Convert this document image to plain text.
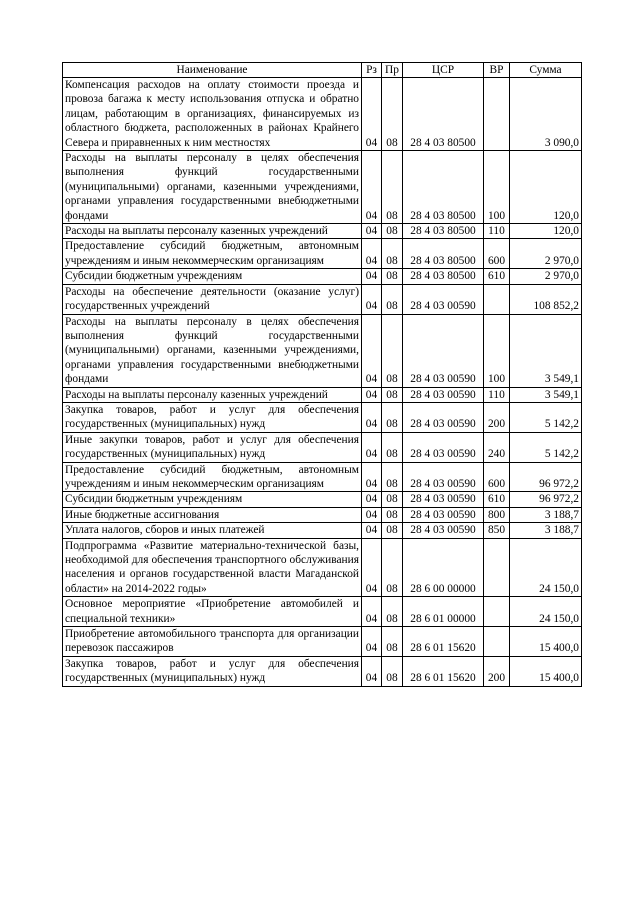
Наименование	Рз	Пр	ЦСР	ВР	Сумма
Компенсация расходов на оплату стоимости проезда и провоза багажа к месту использования отпуска и обратно лицам, работающим в организациях, финансируемых из областного бюджета, расположенных в районах Крайнего Севера и приравненных к ним местностях	04	08	28 4 03 80500		3 090,0
Расходы на выплаты персоналу в целях обеспечения выполнения функций государственными (муниципальными) органами, казенными учреждениями, органами управления государственными внебюджетными фондами	04	08	28 4 03 80500	100	120,0
Расходы на выплаты персоналу казенных учреждений	04	08	28 4 03 80500	110	120,0
Предоставление субсидий бюджетным, автономным учреждениям и иным некоммерческим организациям	04	08	28 4 03 80500	600	2 970,0
Субсидии бюджетным учреждениям	04	08	28 4 03 80500	610	2 970,0
Расходы на обеспечение деятельности (оказание услуг) государственных учреждений	04	08	28 4 03 00590		108 852,2
Расходы на выплаты персоналу в целях обеспечения выполнения функций государственными (муниципальными) органами, казенными учреждениями, органами управления государственными внебюджетными фондами	04	08	28 4 03 00590	100	3 549,1
Расходы на выплаты персоналу казенных учреждений	04	08	28 4 03 00590	110	3 549,1
Закупка товаров, работ и услуг для обеспечения государственных (муниципальных) нужд	04	08	28 4 03 00590	200	5 142,2
Иные закупки товаров, работ и услуг для обеспечения государственных (муниципальных) нужд	04	08	28 4 03 00590	240	5 142,2
Предоставление субсидий бюджетным, автономным учреждениям и иным некоммерческим организациям	04	08	28 4 03 00590	600	96 972,2
Субсидии бюджетным учреждениям	04	08	28 4 03 00590	610	96 972,2
Иные бюджетные ассигнования	04	08	28 4 03 00590	800	3 188,7
Уплата налогов, сборов и иных платежей	04	08	28 4 03 00590	850	3 188,7
Подпрограмма «Развитие материально-технической базы, необходимой для обеспечения транспортного обслуживания населения и органов государственной власти Магаданской области» на 2014-2022 годы»	04	08	28 6 00 00000		24 150,0
Основное мероприятие «Приобретение автомобилей и специальной техники»	04	08	28 6 01 00000		24 150,0
Приобретение автомобильного транспорта для организации перевозок пассажиров	04	08	28 6 01 15620		15 400,0
Закупка товаров, работ и услуг для обеспечения государственных (муниципальных) нужд	04	08	28 6 01 15620	200	15 400,0
